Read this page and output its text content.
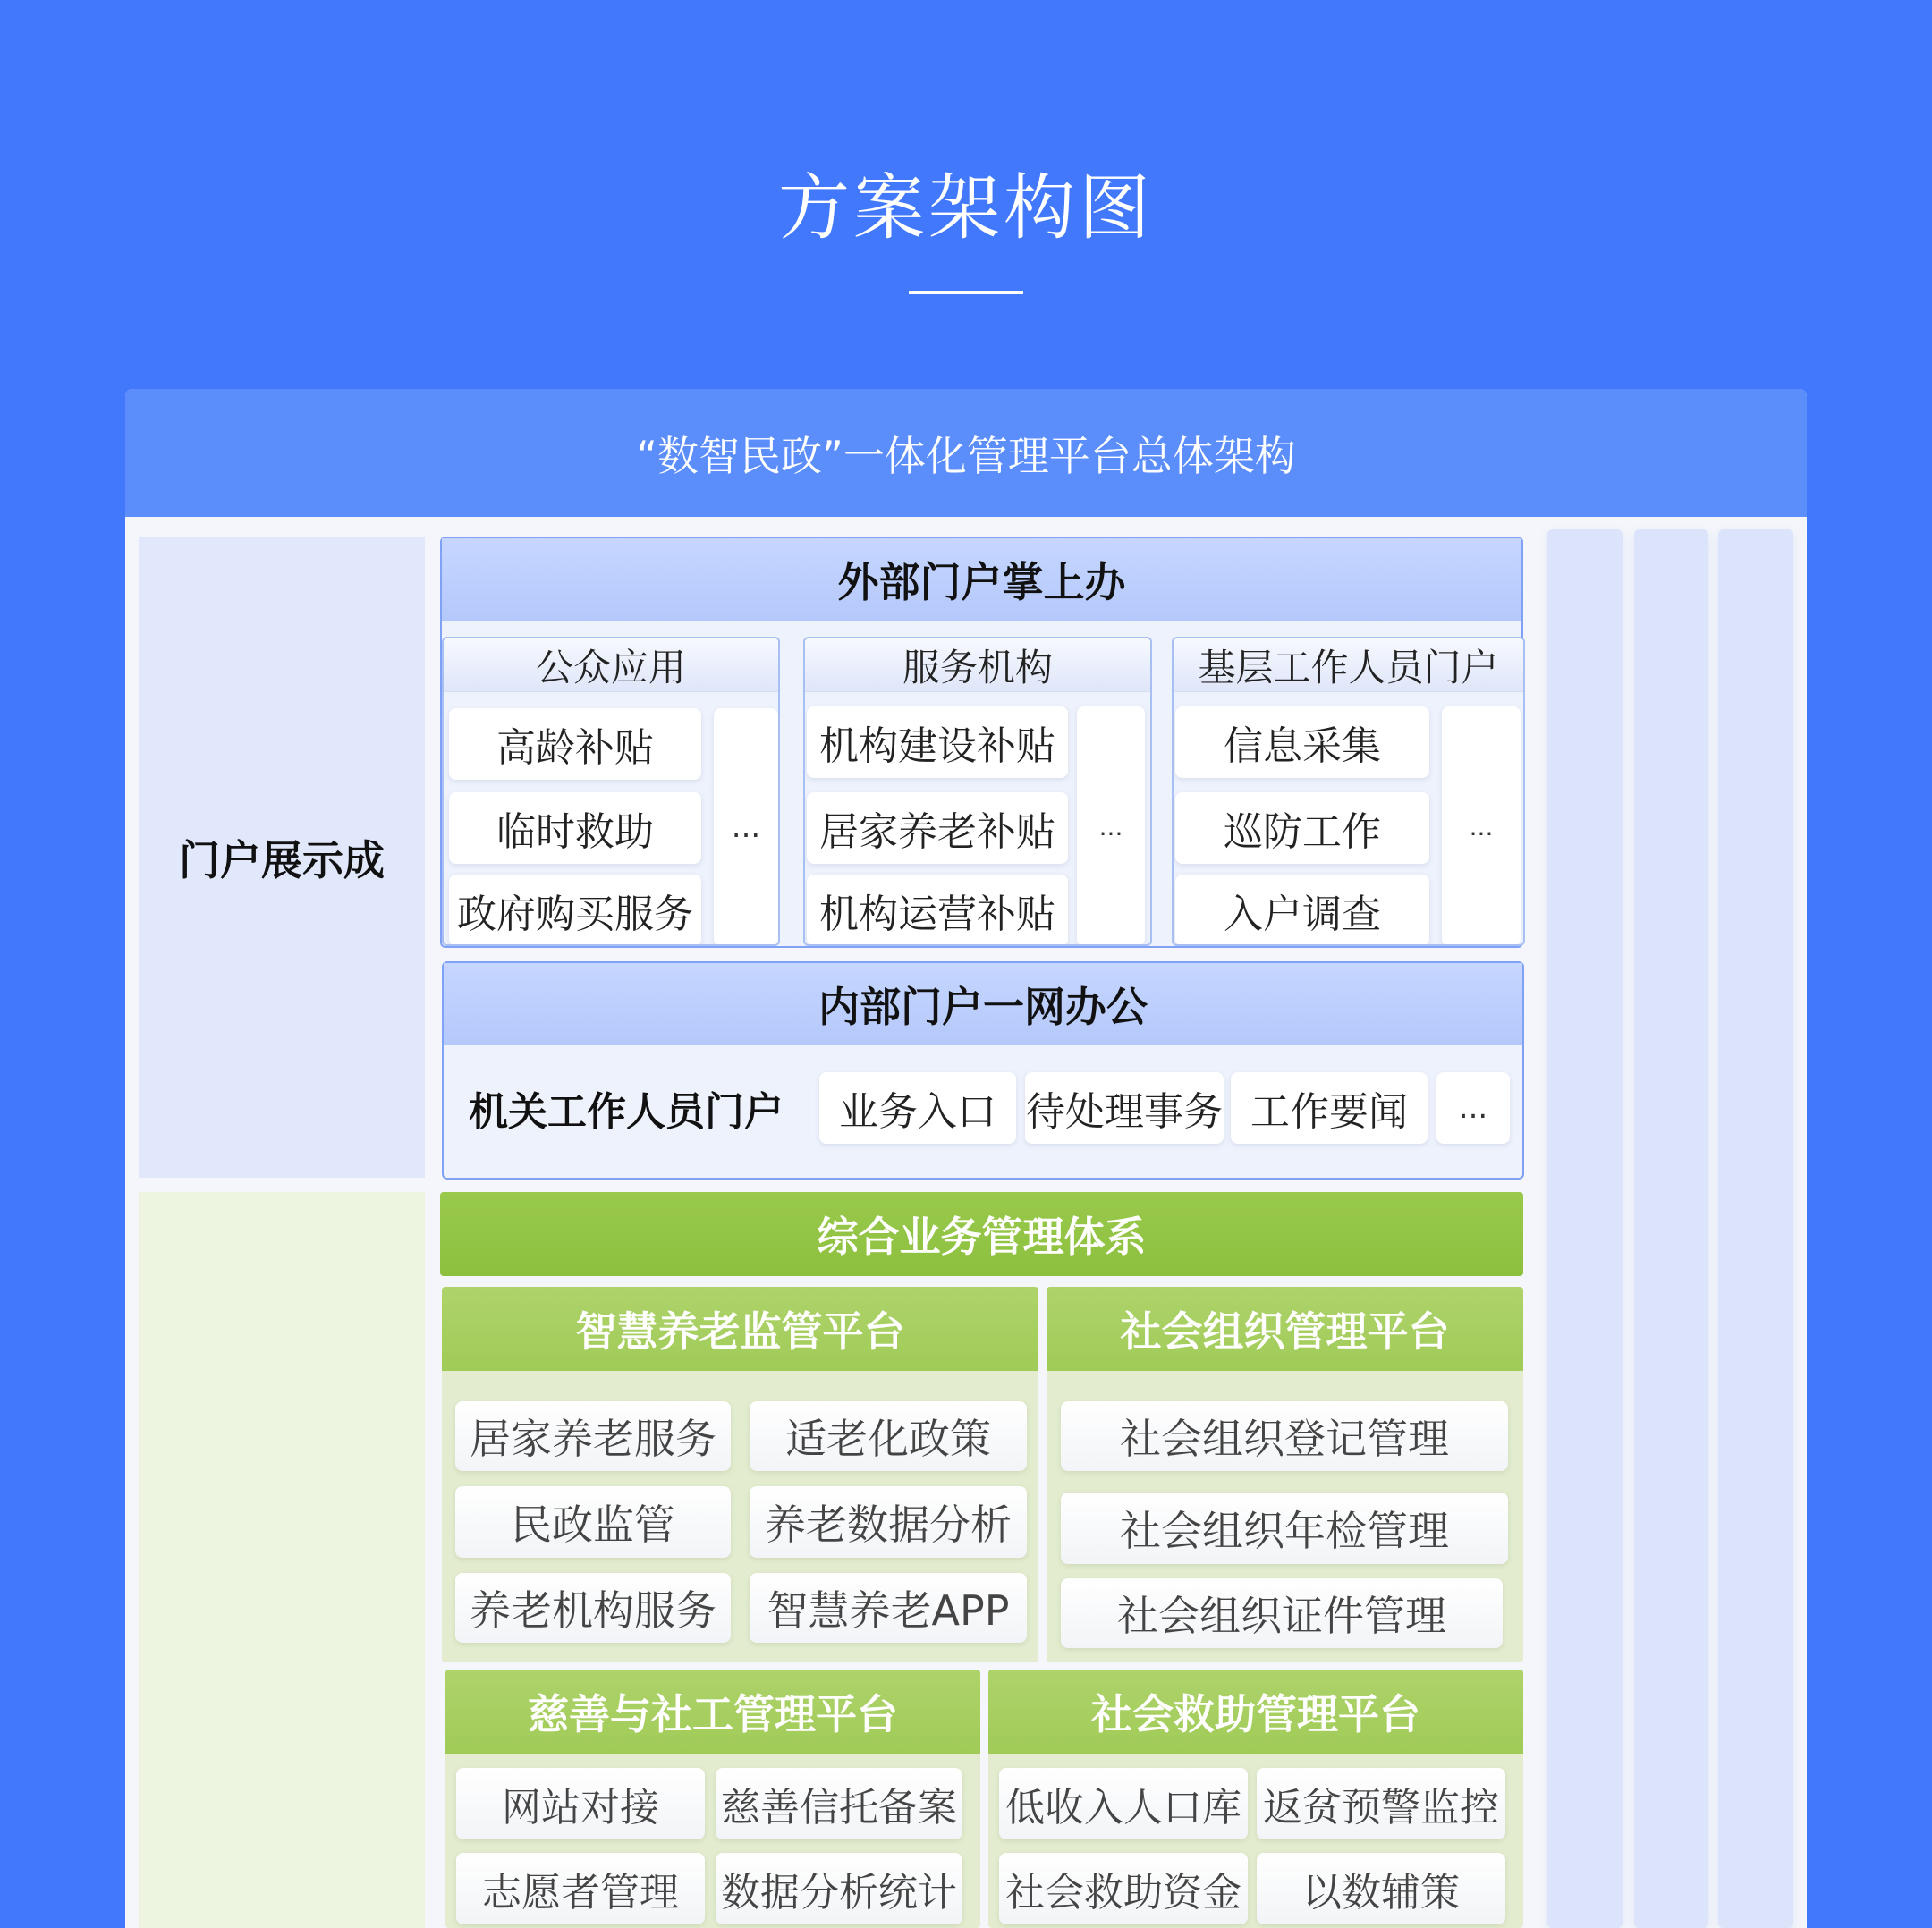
方案架构图
“数智民政”一体化管理平台总体架构
门户展示成
外部门户掌上办
公众应用
高龄补贴
临时救助
政府购买服务
...
服务机构
机构建设补贴
居家养老补贴
机构运营补贴
...
基层工作人员门户
信息采集
巡防工作
入户调查
...
内部门户一网办公
机关工作人员门户	业务入口 待处理事务 工作要闻	...
综合业务管理体系
智慧养老监管平台
居家养老服务	适老化政策
民政监管	养老数据分析
养老机构服务	智慧养老APP
社会组织管理平台
社会组织登记管理
社会组织年检管理
社会组织证件管理
慈善与社工管理平台
网站对接	慈善信托备案
志愿者管理	数据分析统计
社会救助管理平台
低收入人口库 返贫预警监控
社会救助资金	以数辅策
